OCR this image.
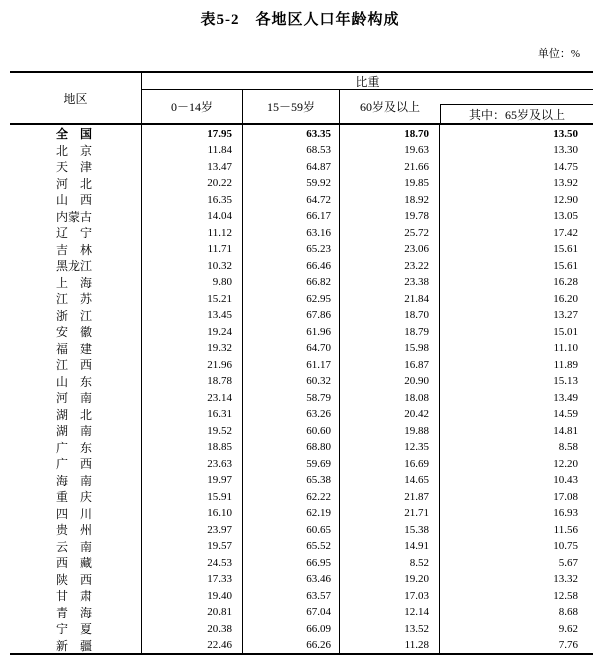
表5-2　各地区人口年龄构成
单位：%
地区
比重
0－14岁	15－59岁	60岁及以上
其中：65岁及以上
全　国	17.95	63.35	18.70	13.50
北　京	11.84	68.53	19.63	13.30
天　津	13.47	64.87	21.66	14.75
河　北	20.22	59.92	19.85	13.92
山　西	16.35	64.72	18.92	12.90
内蒙古	14.04	66.17	19.78	13.05
辽　宁	11.12	63.16	25.72	17.42
吉　林	11.71	65.23	23.06	15.61
黑龙江	10.32	66.46	23.22	15.61
上　海	9.80	66.82	23.38	16.28
江　苏	15.21	62.95	21.84	16.20
浙　江	13.45	67.86	18.70	13.27
安　徽	19.24	61.96	18.79	15.01
福　建	19.32	64.70	15.98	11.10
江　西	21.96	61.17	16.87	11.89
山　东	18.78	60.32	20.90	15.13
河　南	23.14	58.79	18.08	13.49
湖　北	16.31	63.26	20.42	14.59
湖　南	19.52	60.60	19.88	14.81
广　东	18.85	68.80	12.35	8.58
广　西	23.63	59.69	16.69	12.20
海　南	19.97	65.38	14.65	10.43
重　庆	15.91	62.22	21.87	17.08
四　川	16.10	62.19	21.71	16.93
贵　州	23.97	60.65	15.38	11.56
云　南	19.57	65.52	14.91	10.75
西　藏	24.53	66.95	8.52	5.67
陕　西	17.33	63.46	19.20	13.32
甘　肃	19.40	63.57	17.03	12.58
青　海	20.81	67.04	12.14	8.68
宁　夏	20.38	66.09	13.52	9.62
新　疆	22.46	66.26	11.28	7.76
